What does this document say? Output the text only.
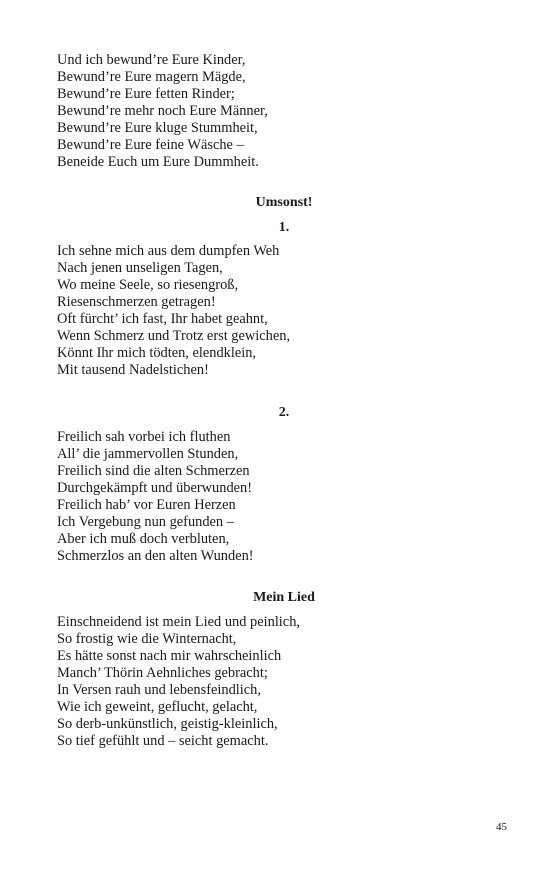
Und ich bewund’re Eure Kinder,
Bewund’re Eure magern Mägde,
Bewund’re Eure fetten Rinder;
Bewund’re mehr noch Eure Männer,
Bewund’re Eure kluge Stummheit,
Bewund’re Eure feine Wäsche –
Beneide Euch um Eure Dummheit.
Umsonst!
1.
Ich sehne mich aus dem dumpfen Weh
Nach jenen unseligen Tagen,
Wo meine Seele, so riesengroß,
Riesenschmerzen getragen!
Oft fürcht’ ich fast, Ihr habet geahnt,
Wenn Schmerz und Trotz erst gewichen,
Könnt Ihr mich tödten, elendklein,
Mit tausend Nadelstichen!
2.
Freilich sah vorbei ich fluthen
All’ die jammervollen Stunden,
Freilich sind die alten Schmerzen
Durchgekämpft und überwunden!
Freilich hab’ vor Euren Herzen
Ich Vergebung nun gefunden –
Aber ich muß doch verbluten,
Schmerzlos an den alten Wunden!
Mein Lied
Einschneidend ist mein Lied und peinlich,
So frostig wie die Winternacht,
Es hätte sonst nach mir wahrscheinlich
Manch’ Thörin Aehnliches gebracht;
In Versen rauh und lebensfeindlich,
Wie ich geweint, geflucht, gelacht,
So derb-unkünstlich, geistig-kleinlich,
So tief gefühlt und – seicht gemacht.
45
